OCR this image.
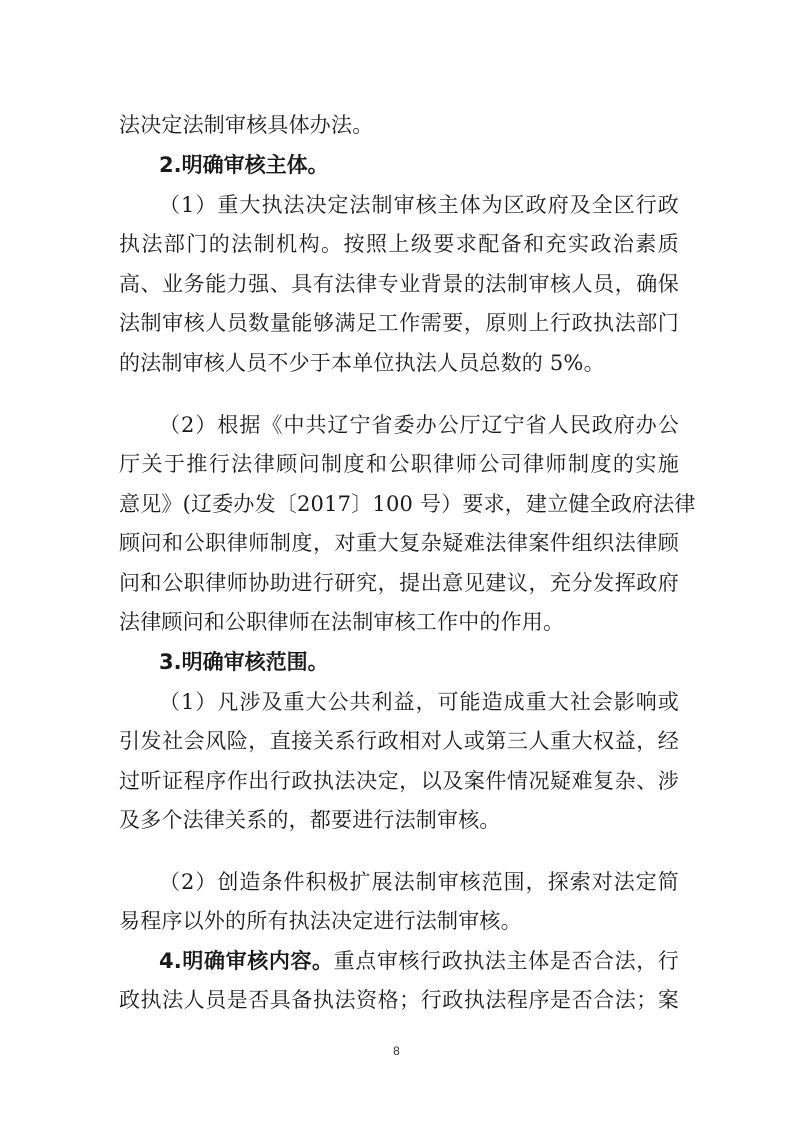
法决定法制审核具体办法。
2.明确审核主体。
（1）重大执法决定法制审核主体为区政府及全区行政
执法部门的法制机构。按照上级要求配备和充实政治素质
高、业务能力强、具有法律专业背景的法制审核人员，确保
法制审核人员数量能够满足工作需要，原则上行政执法部门
的法制审核人员不少于本单位执法人员总数的 5%。
（2）根据《中共辽宁省委办公厅辽宁省人民政府办公
厅关于推行法律顾问制度和公职律师公司律师制度的实施
意见》(辽委办发〔2017〕100 号）要求，建立健全政府法律
顾问和公职律师制度，对重大复杂疑难法律案件组织法律顾
问和公职律师协助进行研究，提出意见建议，充分发挥政府
法律顾问和公职律师在法制审核工作中的作用。
3.明确审核范围。
（1）凡涉及重大公共利益，可能造成重大社会影响或
引发社会风险，直接关系行政相对人或第三人重大权益，经
过听证程序作出行政执法决定，以及案件情况疑难复杂、涉
及多个法律关系的，都要进行法制审核。
（2）创造条件积极扩展法制审核范围，探索对法定简
易程序以外的所有执法决定进行法制审核。
4.明确审核内容。重点审核行政执法主体是否合法，行
政执法人员是否具备执法资格；行政执法程序是否合法；案
8
